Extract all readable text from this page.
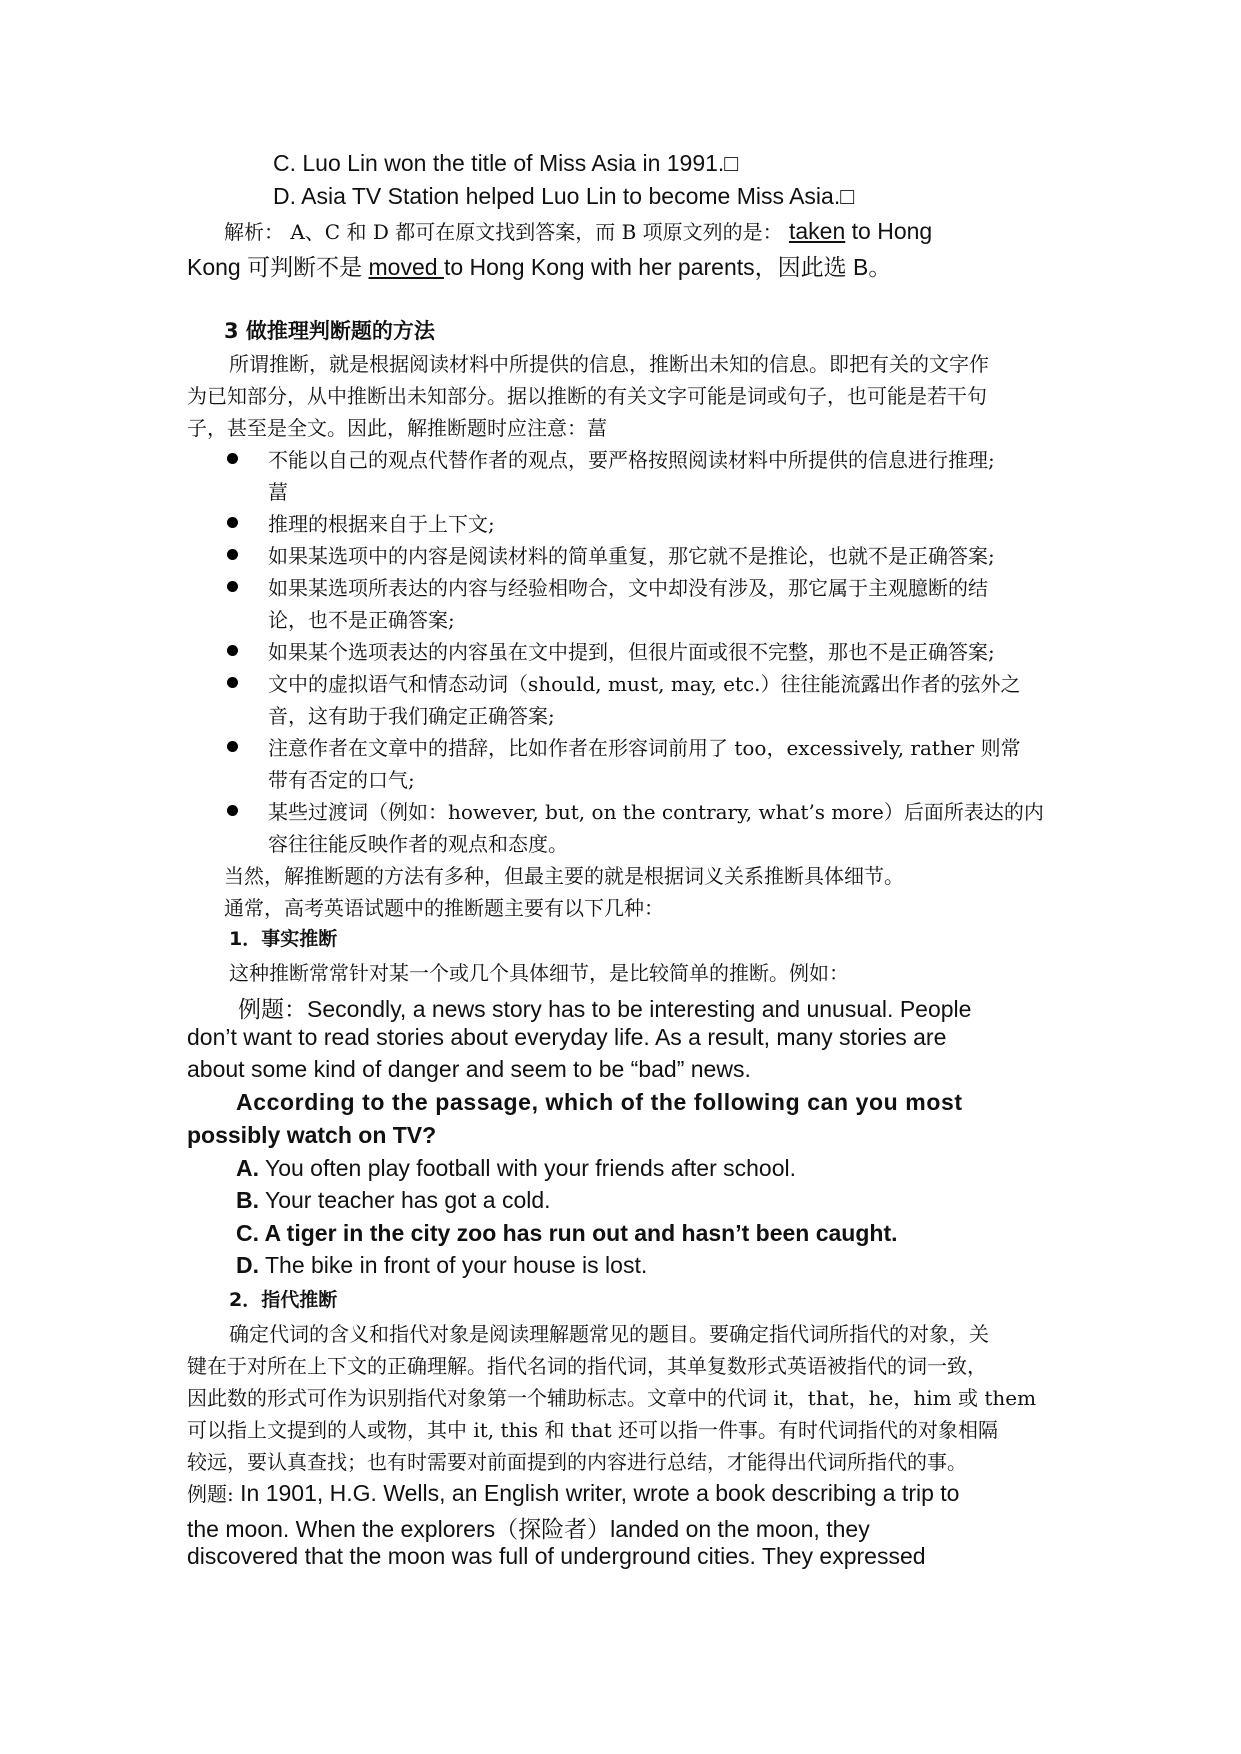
C. Luo Lin won the title of Miss Asia in 1991.□
D. Asia TV Station helped Luo Lin to become Miss Asia.□
解析： A、C 和 D 都可在原文找到答案，而 B 项原文列的是： taken to Hong
Kong 可判断不是 moved to Hong Kong with her parents，因此选 B。
3 做推理判断题的方法
所谓推断，就是根据阅读材料中所提供的信息，推断出未知的信息。即把有关的文字作
为已知部分，从中推断出未知部分。据以推断的有关文字可能是词或句子，也可能是若干句
子，甚至是全文。因此，解推断题时应注意：葍
不能以自己的观点代替作者的观点，要严格按照阅读材料中所提供的信息进行推理;
葍
推理的根据来自于上下文;
如果某选项中的内容是阅读材料的简单重复，那它就不是推论，也就不是正确答案;
如果某选项所表达的内容与经验相吻合，文中却没有涉及，那它属于主观臆断的结
论，也不是正确答案;
如果某个选项表达的内容虽在文中提到，但很片面或很不完整，那也不是正确答案;
文中的虚拟语气和情态动词（should, must, may, etc.）往往能流露出作者的弦外之
音，这有助于我们确定正确答案;
注意作者在文章中的措辞，比如作者在形容词前用了 too，excessively, rather 则常
带有否定的口气;
某些过渡词（例如：however, but, on the contrary, what’s more）后面所表达的内
容往往能反映作者的观点和态度。
当然，解推断题的方法有多种，但最主要的就是根据词义关系推断具体细节。
通常，高考英语试题中的推断题主要有以下几种：
1．事实推断
这种推断常常针对某一个或几个具体细节，是比较简单的推断。例如：
例题：Secondly, a news story has to be interesting and unusual. People
don’t want to read stories about everyday life. As a result, many stories are
about some kind of danger and seem to be “bad” news.
According to the passage, which of the following can you most
possibly watch on TV?
A. You often play football with your friends after school.
B. Your teacher has got a cold.
C. A tiger in the city zoo has run out and hasn’t been caught.
D. The bike in front of your house is lost.
2．指代推断
确定代词的含义和指代对象是阅读理解题常见的题目。要确定指代词所指代的对象，关
键在于对所在上下文的正确理解。指代名词的指代词，其单复数形式英语被指代的词一致，
因此数的形式可作为识别指代对象第一个辅助标志。文章中的代词 it，that，he，him 或 them
可以指上文提到的人或物，其中 it, this 和 that 还可以指一件事。有时代词指代的对象相隔
较远，要认真查找；也有时需要对前面提到的内容进行总结，才能得出代词所指代的事。
例题: In 1901, H.G. Wells, an English writer, wrote a book describing a trip to
the moon. When the explorers（探险者）landed on the moon, they
discovered that the moon was full of underground cities. They expressed
